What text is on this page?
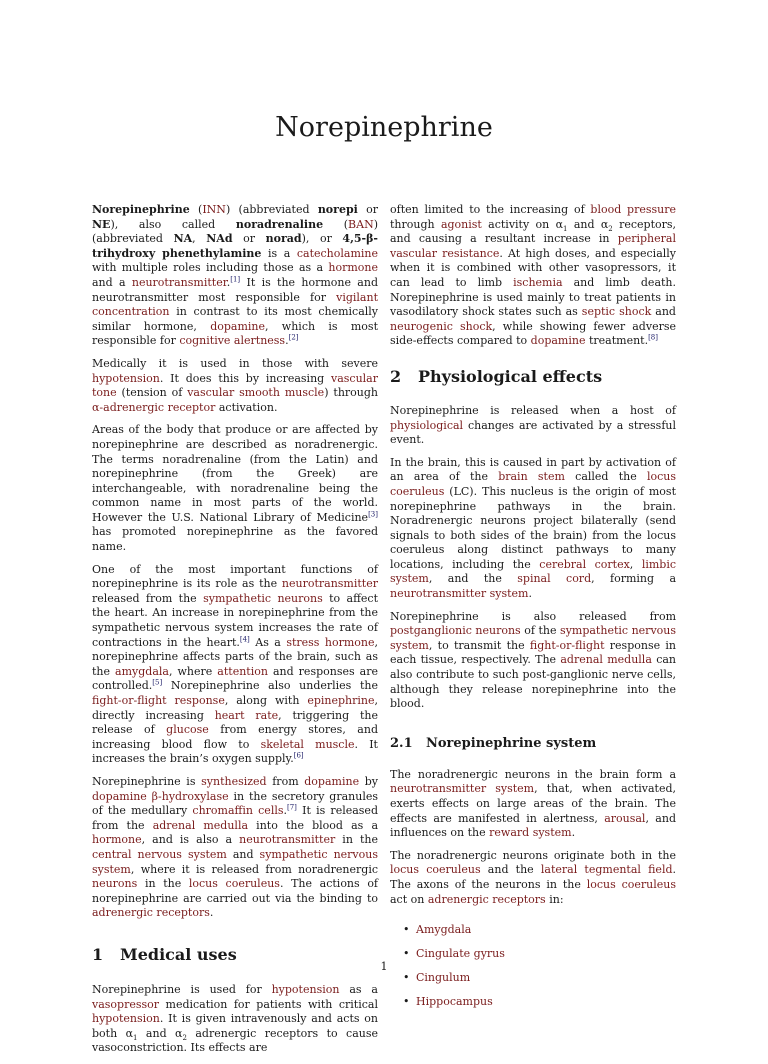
Norepinephrine

Norepinephrine (INN) (abbreviated norepi or NE), also called noradrenaline (BAN) (abbreviated NA, NAd or norad), or 4,5-β-trihydroxy phenethylamine is a catecholamine with multiple roles including those as a hormone and a neurotransmitter.[1] It is the hormone and neurotransmitter most responsible for vigilant concentration in contrast to its most chemically similar hormone, dopamine, which is most responsible for cognitive alertness.[2]

Medically it is used in those with severe hypotension. It does this by increasing vascular tone (tension of vascular smooth muscle) through α-adrenergic receptor activation.

Areas of the body that produce or are affected by norepinephrine are described as noradrenergic. The terms noradrenaline (from the Latin) and norepinephrine (from the Greek) are interchangeable, with noradrenaline being the common name in most parts of the world. However the U.S. National Library of Medicine[3] has promoted norepinephrine as the favored name.

One of the most important functions of norepinephrine is its role as the neurotransmitter released from the sympathetic neurons to affect the heart. An increase in norepinephrine from the sympathetic nervous system increases the rate of contractions in the heart.[4] As a stress hormone, norepinephrine affects parts of the brain, such as the amygdala, where attention and responses are controlled.[5] Norepinephrine also underlies the fight-or-flight response, along with epinephrine, directly increasing heart rate, triggering the release of glucose from energy stores, and increasing blood flow to skeletal muscle. It increases the brain’s oxygen supply.[6]

Norepinephrine is synthesized from dopamine by dopamine β-hydroxylase in the secretory granules of the medullary chromaffin cells.[7] It is released from the adrenal medulla into the blood as a hormone, and is also a neurotransmitter in the central nervous system and sympathetic nervous system, where it is released from noradrenergic neurons in the locus coeruleus. The actions of norepinephrine are carried out via the binding to adrenergic receptors.

1 Medical uses

Norepinephrine is used for hypotension as a vasopressor medication for patients with critical hypotension. It is given intravenously and acts on both $\alpha_1$ and $\alpha_2$ adrenergic receptors to cause vasoconstriction. Its effects are

often limited to the increasing of blood pressure through agonist activity on $\alpha_1$ and $\alpha_2$ receptors, and causing a resultant increase in peripheral vascular resistance. At high doses, and especially when it is combined with other vasopressors, it can lead to limb ischemia and limb death. Norepinephrine is used mainly to treat patients in vasodilatory shock states such as septic shock and neurogenic shock, while showing fewer adverse side-effects compared to dopamine treatment.[8]

2 Physiological effects

Norepinephrine is released when a host of physiological changes are activated by a stressful event.

In the brain, this is caused in part by activation of an area of the brain stem called the locus coeruleus (LC). This nucleus is the origin of most norepinephrine pathways in the brain. Noradrenergic neurons project bilaterally (send signals to both sides of the brain) from the locus coeruleus along distinct pathways to many locations, including the cerebral cortex, limbic system, and the spinal cord, forming a neurotransmitter system.

Norepinephrine is also released from postganglionic neurons of the sympathetic nervous system, to transmit the fight-or-flight response in each tissue, respectively. The adrenal medulla can also contribute to such post-ganglionic nerve cells, although they release norepinephrine into the blood.

2.1 Norepinephrine system

The noradrenergic neurons in the brain form a neurotransmitter system, that, when activated, exerts effects on large areas of the brain. The effects are manifested in alertness, arousal, and influences on the reward system.

The noradrenergic neurons originate both in the locus coeruleus and the lateral tegmental field. The axons of the neurons in the locus coeruleus act on adrenergic receptors in:

• Amygdala
• Cingulate gyrus
• Cingulum
• Hippocampus
1
